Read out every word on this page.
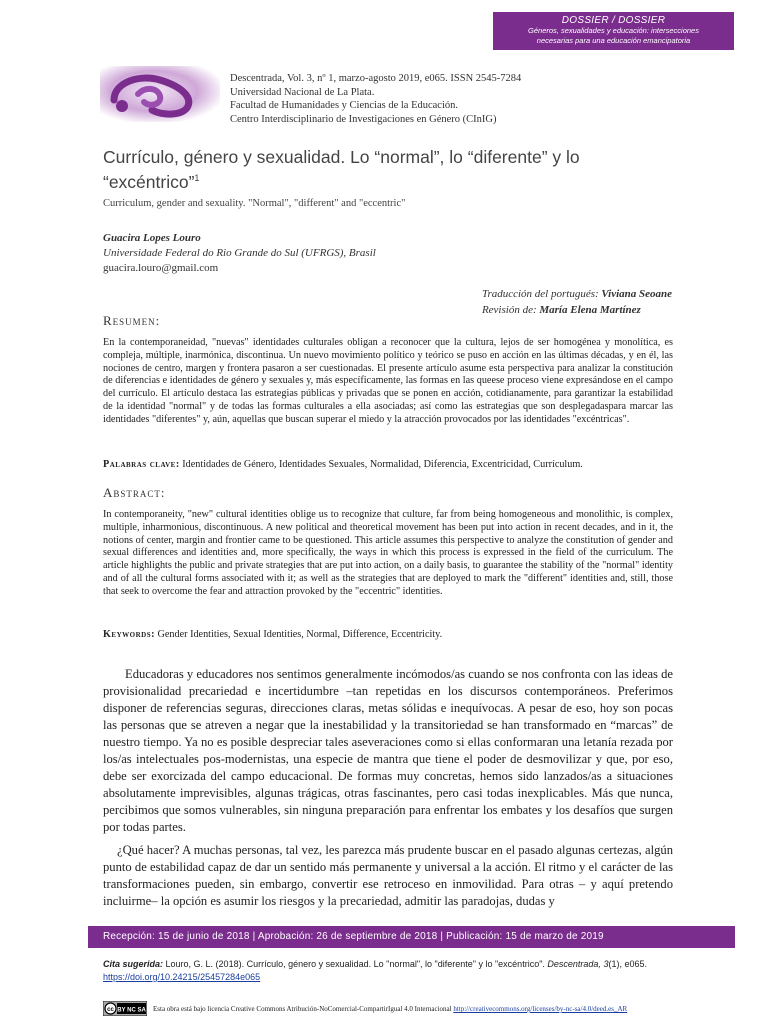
DOSSIER / DOSSIER
Géneros, sexualidades y educación: intersecciones
necesarias para una educación emancipatoria
Descentrada, Vol. 3, nº 1, marzo-agosto 2019, e065. ISSN 2545-7284
Universidad Nacional de La Plata.
Facultad de Humanidades y Ciencias de la Educación.
Centro Interdisciplinario de Investigaciones en Género (CInIG)
Currículo, género y sexualidad. Lo “normal”, lo “diferente” y lo “excéntrico”$^1$
Curriculum, gender and sexuality. "Normal", "different" and "eccentric"
Guacira Lopes Louro
Universidade Federal do Rio Grande do Sul (UFRGS), Brasil
guacira.louro@gmail.com
Traducción del portugués: Viviana Seoane
Revisión de: María Elena Martínez
Resumen:
En la contemporaneidad, "nuevas" identidades culturales obligan a reconocer que la cultura, lejos de ser homogénea y monolítica, es compleja, múltiple, inarmónica, discontinua. Un nuevo movimiento político y teórico se puso en acción en las últimas décadas, y en él, las nociones de centro, margen y frontera pasaron a ser cuestionadas. El presente artículo asume esta perspectiva para analizar la constitución de diferencias e identidades de género y sexuales y, más específicamente, las formas en las queese proceso viene expresándose en el campo del currículo. El artículo destaca las estrategias públicas y privadas que se ponen en acción, cotidianamente, para garantizar la estabilidad de la identidad "normal" y de todas las formas culturales a ella asociadas; así como las estrategias que son desplegadaspara marcar las identidades "diferentes" y, aún, aquellas que buscan superar el miedo y la atracción provocados por las identidades "excéntricas".
Palabras clave: Identidades de Género, Identidades Sexuales, Normalidad, Diferencia, Excentricidad, Currículum.
Abstract:
In contemporaneity, "new" cultural identities oblige us to recognize that culture, far from being homogeneous and monolithic, is complex, multiple, inharmonious, discontinuous. A new political and theoretical movement has been put into action in recent decades, and in it, the notions of center, margin and frontier came to be questioned. This article assumes this perspective to analyze the constitution of gender and sexual differences and identities and, more specifically, the ways in which this process is expressed in the field of the curriculum. The article highlights the public and private strategies that are put into action, on a daily basis, to guarantee the stability of the "normal" identity and of all the cultural forms associated with it; as well as the strategies that are deployed to mark the "different" identities and, still, those that seek to overcome the fear and attraction provoked by the "eccentric" identities.
Keywords: Gender Identities, Sexual Identities, Normal, Difference, Eccentricity.
Educadoras y educadores nos sentimos generalmente incómodos/as cuando se nos confronta con las ideas de provisionalidad precariedad e incertidumbre –tan repetidas en los discursos contemporáneos. Preferimos disponer de referencias seguras, direcciones claras, metas sólidas e inequívocas. A pesar de eso, hoy son pocas las personas que se atreven a negar que la inestabilidad y la transitoriedad se han transformado en “marcas” de nuestro tiempo. Ya no es posible despreciar tales aseveraciones como si ellas conformaran una letanía rezada por los/as intelectuales pos-modernistas, una especie de mantra que tiene el poder de desmovilizar y que, por eso, debe ser exorcizada del campo educacional. De formas muy concretas, hemos sido lanzados/as a situaciones absolutamente imprevisibles, algunas trágicas, otras fascinantes, pero casi todas inexplicables. Más que nunca, percibimos que somos vulnerables, sin ninguna preparación para enfrentar los embates y los desafíos que surgen por todas partes.
¿Qué hacer? A muchas personas, tal vez, les parezca más prudente buscar en el pasado algunas certezas, algún punto de estabilidad capaz de dar un sentido más permanente y universal a la acción. El ritmo y el carácter de las transformaciones pueden, sin embargo, convertir ese retroceso en inmovilidad. Para otras – y aquí pretendo incluirme– la opción es asumir los riesgos y la precariedad, admitir las paradojas, dudas y
Recepción: 15 de junio de 2018 | Aprobación: 26 de septiembre de 2018 | Publicación: 15 de marzo de 2019
Cita sugerida: Louro, G. L. (2018). Currículo, género y sexualidad. Lo "normal", lo "diferente" y lo "excéntrico". Descentrada, 3(1), e065. https://doi.org/10.24215/25457284e065
cc BY NC SA Esta obra está bajo licencia Creative Commons Atribución-NoComercial-CompartirIgual 4.0 Internacional http://creativecommons.org/licenses/by-nc-sa/4.0/deed.es_AR
